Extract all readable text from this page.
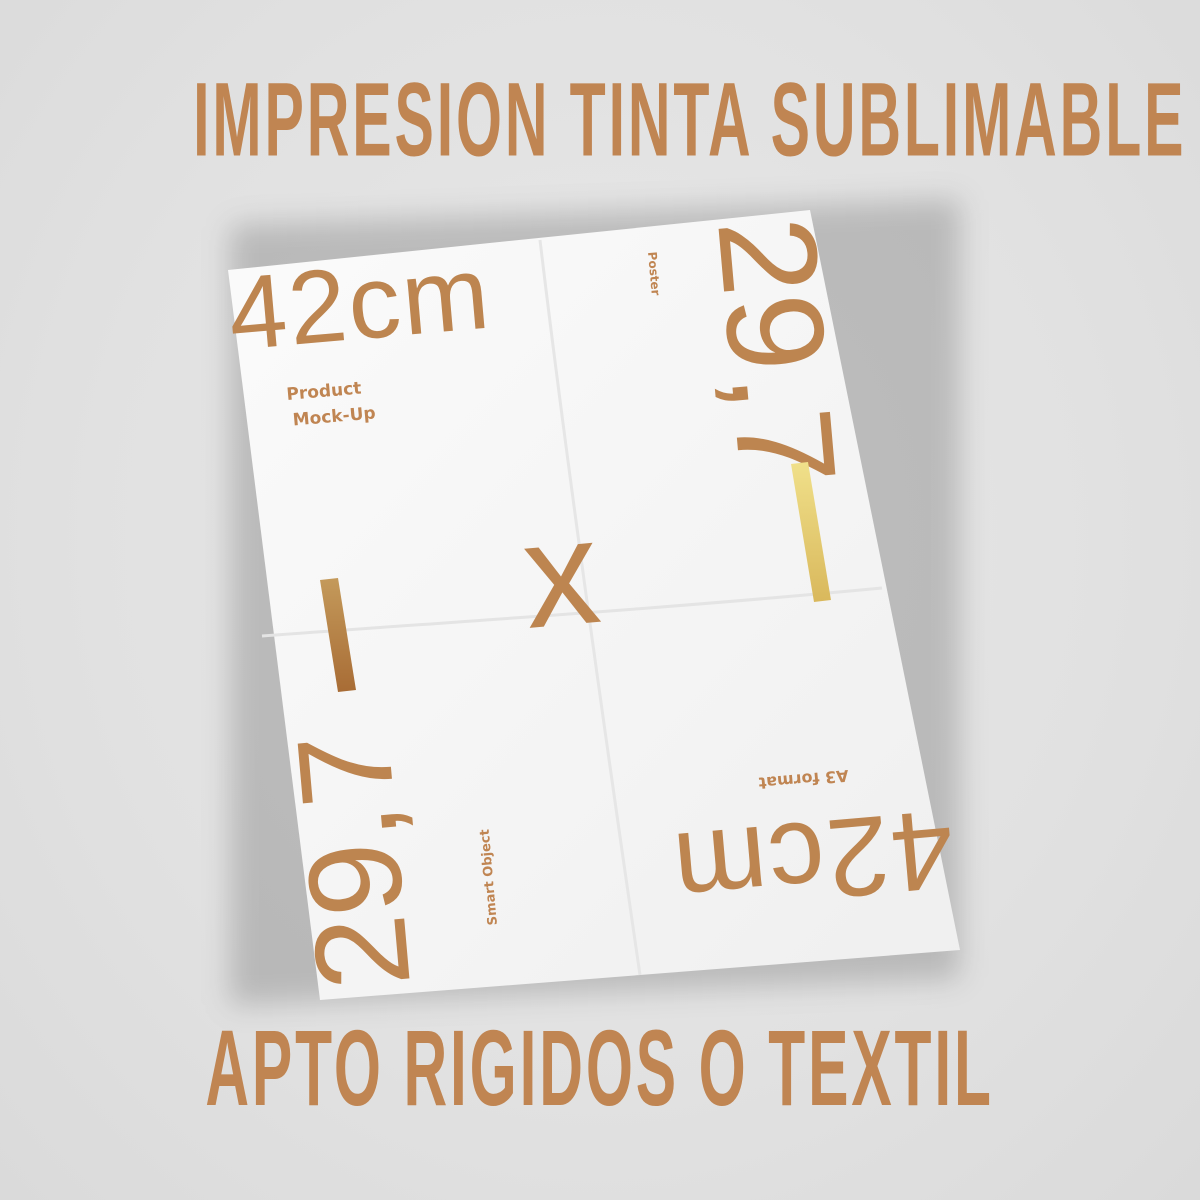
IMPRESION TINTA SUBLIMABLE
42cm
Product
Mock-Up
Poster 29,7
x
29,7	Smart Object
A3 format
42cm
APTO RIGIDOS O TEXTIL
